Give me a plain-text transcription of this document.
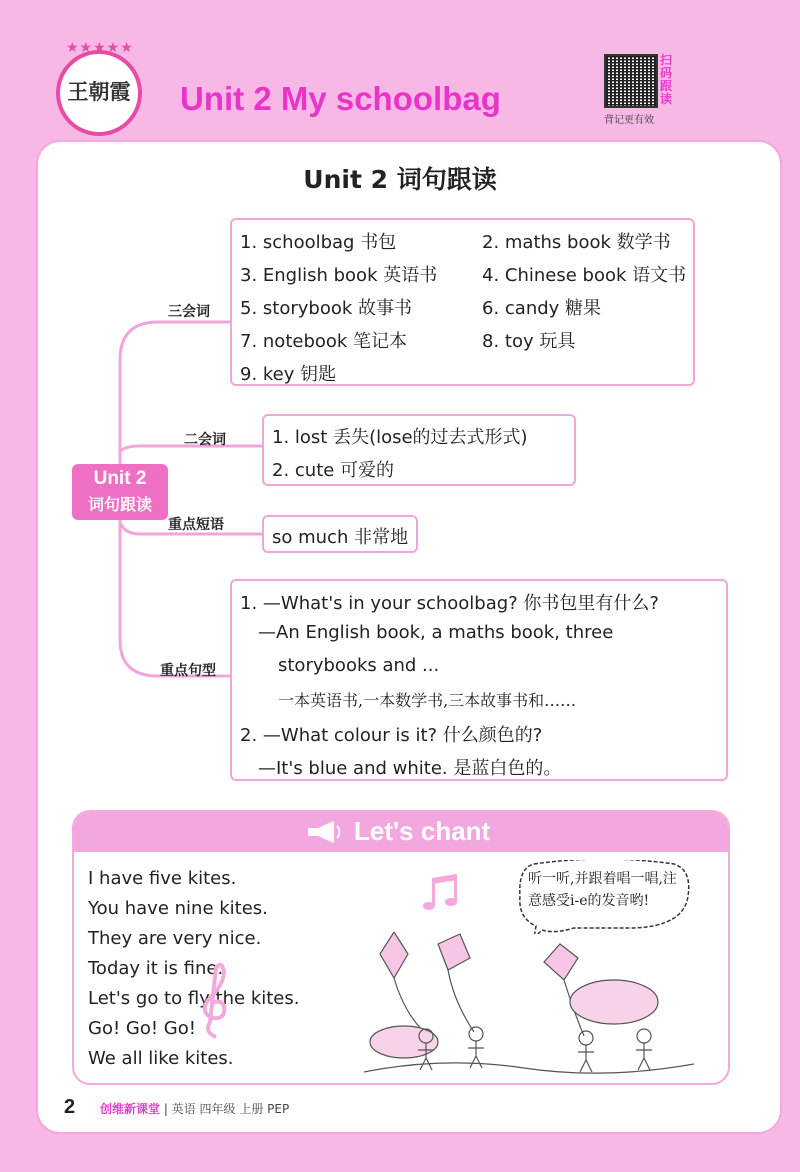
★★★★★
王朝霞 Unit 2 My schoolbag
扫码跟读
背记更有效
Unit 2 词句跟读
Unit 2
词句跟读
三会词
1. schoolbag 书包	2. maths book 数学书
3. English book 英语书 4. Chinese book 语文书
5. storybook 故事书	6. candy 糖果
7. notebook 笔记本	8. toy 玩具
9. key 钥匙
二会词	1. lost 丢失(lose的过去式形式)
2. cute 可爱的
重点短语
so much 非常地
重点句型
1. —What's in your schoolbag? 你书包里有什么?
—An English book, a maths book, three
storybooks and ...
一本英语书,一本数学书,三本故事书和……
2. —What colour is it? 什么颜色的?
—It's blue and white. 是蓝白色的。
Let's chant
I have five kites.
You have nine kites.
They are very nice.
Today it is fine.
Let's go to fly the kites.
Go! Go! Go!
We all like kites.
听一听,并跟着唱一唱,注意感受i-e的发音哟!
2 创维新课堂 | 英语 四年级 上册 PEP
